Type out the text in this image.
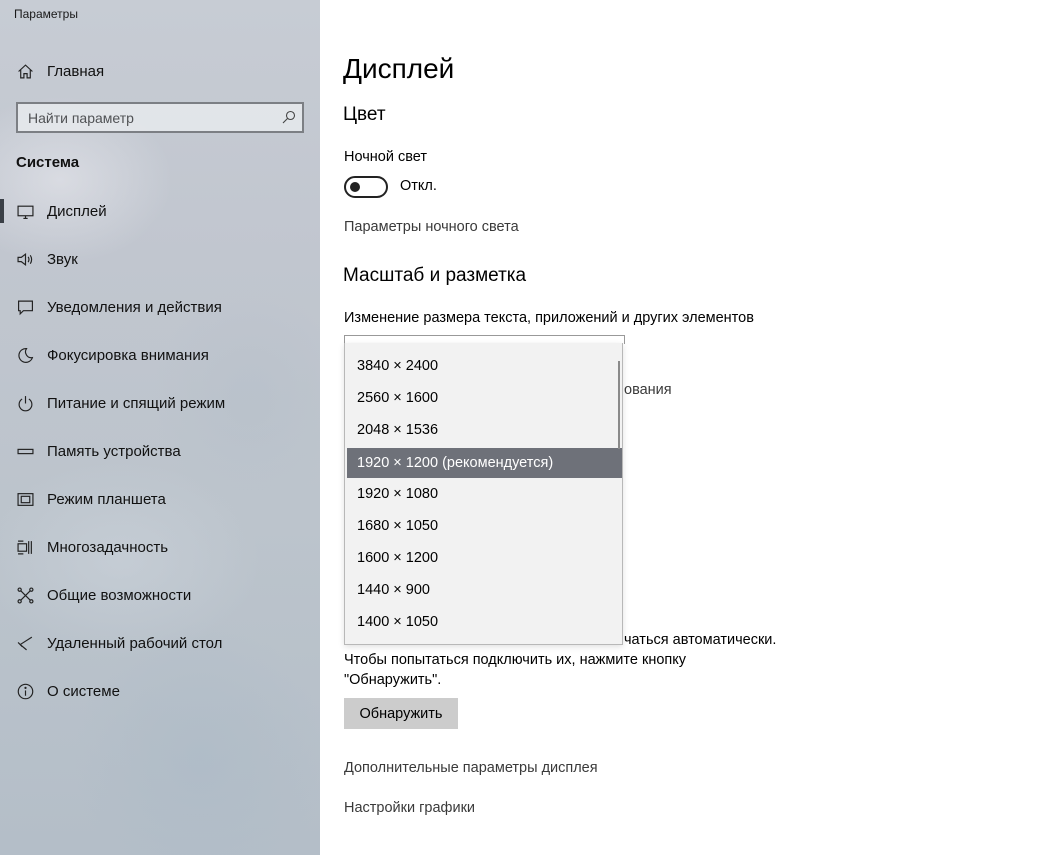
Параметры
Главная
Найти параметр
Система
Дисплей
Звук
Уведомления и действия
Фокусировка внимания
Питание и спящий режим
Память устройства
Режим планшета
Многозадачность
Общие возможности
Удаленный рабочий стол
О системе
Дисплей
Цвет
Ночной свет
Откл.
Параметры ночного света
Масштаб и разметка
Изменение размера текста, приложений и других элементов
ования
чаться автоматически.
Чтобы попытаться подключить их, нажмите кнопку
"Обнаружить".
Обнаружить
Дополнительные параметры дисплея
Настройки графики
3840 × 2400
2560 × 1600
2048 × 1536
1920 × 1200 (рекомендуется)
1920 × 1080
1680 × 1050
1600 × 1200
1440 × 900
1400 × 1050
